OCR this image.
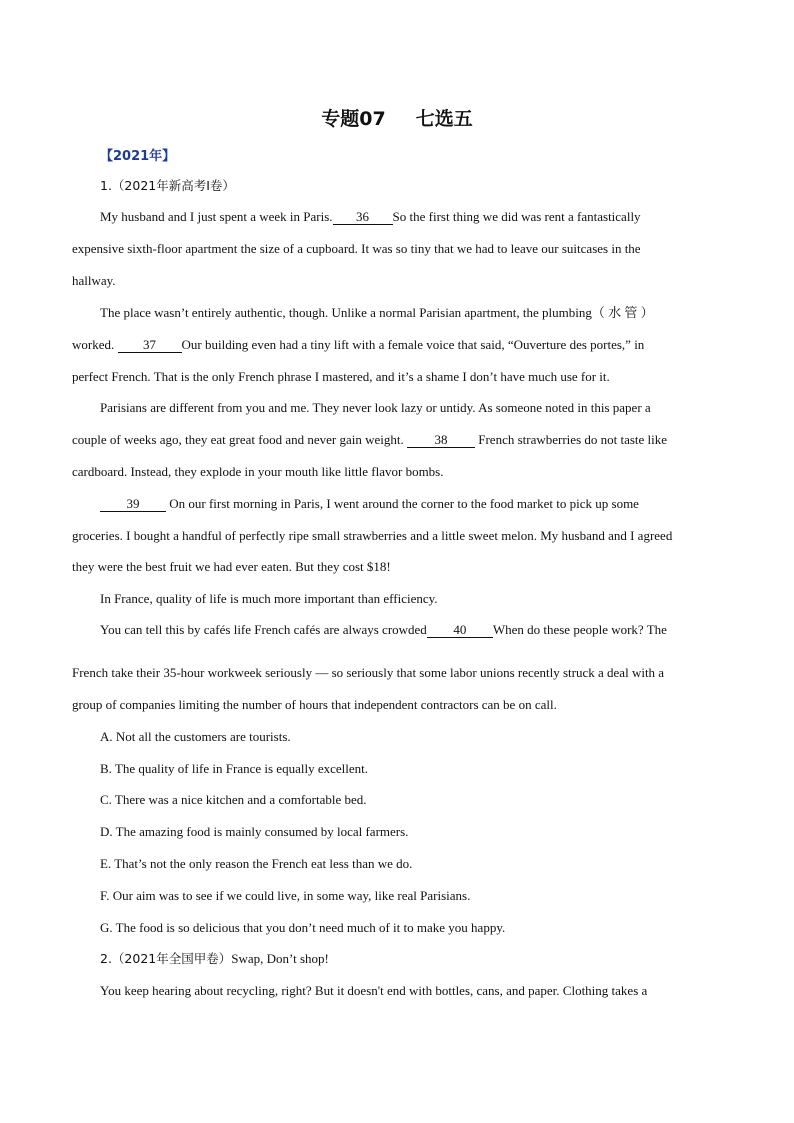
专题07 七选五
【2021年】
1.（2021年新高考I卷）
My husband and I just spent a week in Paris. 36 So the first thing we did was rent a fantastically
expensive sixth-floor apartment the size of a cupboard. It was so tiny that we had to leave our suitcases in the
hallway.
The place wasn’t entirely authentic, though. Unlike a normal Parisian apartment, the plumbing（ 水 管 ）
worked. 37 Our building even had a tiny lift with a female voice that said, “Ouverture des portes,” in
perfect French. That is the only French phrase I mastered, and it’s a shame I don’t have much use for it.
Parisians are different from you and me. They never look lazy or untidy. As someone noted in this paper a
couple of weeks ago, they eat great food and never gain weight. 38 French strawberries do not taste like
cardboard. Instead, they explode in your mouth like little flavor bombs.
39 On our first morning in Paris, I went around the corner to the food market to pick up some
groceries. I bought a handful of perfectly ripe small strawberries and a little sweet melon. My husband and I agreed
they were the best fruit we had ever eaten. But they cost $18!
In France, quality of life is much more important than efficiency.
You can tell this by cafés life French cafés are always crowded 40 When do these people work? The
French take their 35-hour workweek seriously — so seriously that some labor unions recently struck a deal with a
group of companies limiting the number of hours that independent contractors can be on call.
A. Not all the customers are tourists.
B. The quality of life in France is equally excellent.
C. There was a nice kitchen and a comfortable bed.
D. The amazing food is mainly consumed by local farmers.
E. That’s not the only reason the French eat less than we do.
F. Our aim was to see if we could live, in some way, like real Parisians.
G. The food is so delicious that you don’t need much of it to make you happy.
2.（2021年全国甲卷）Swap, Don’t shop!
You keep hearing about recycling, right? But it doesn't end with bottles, cans, and paper. Clothing takes a
